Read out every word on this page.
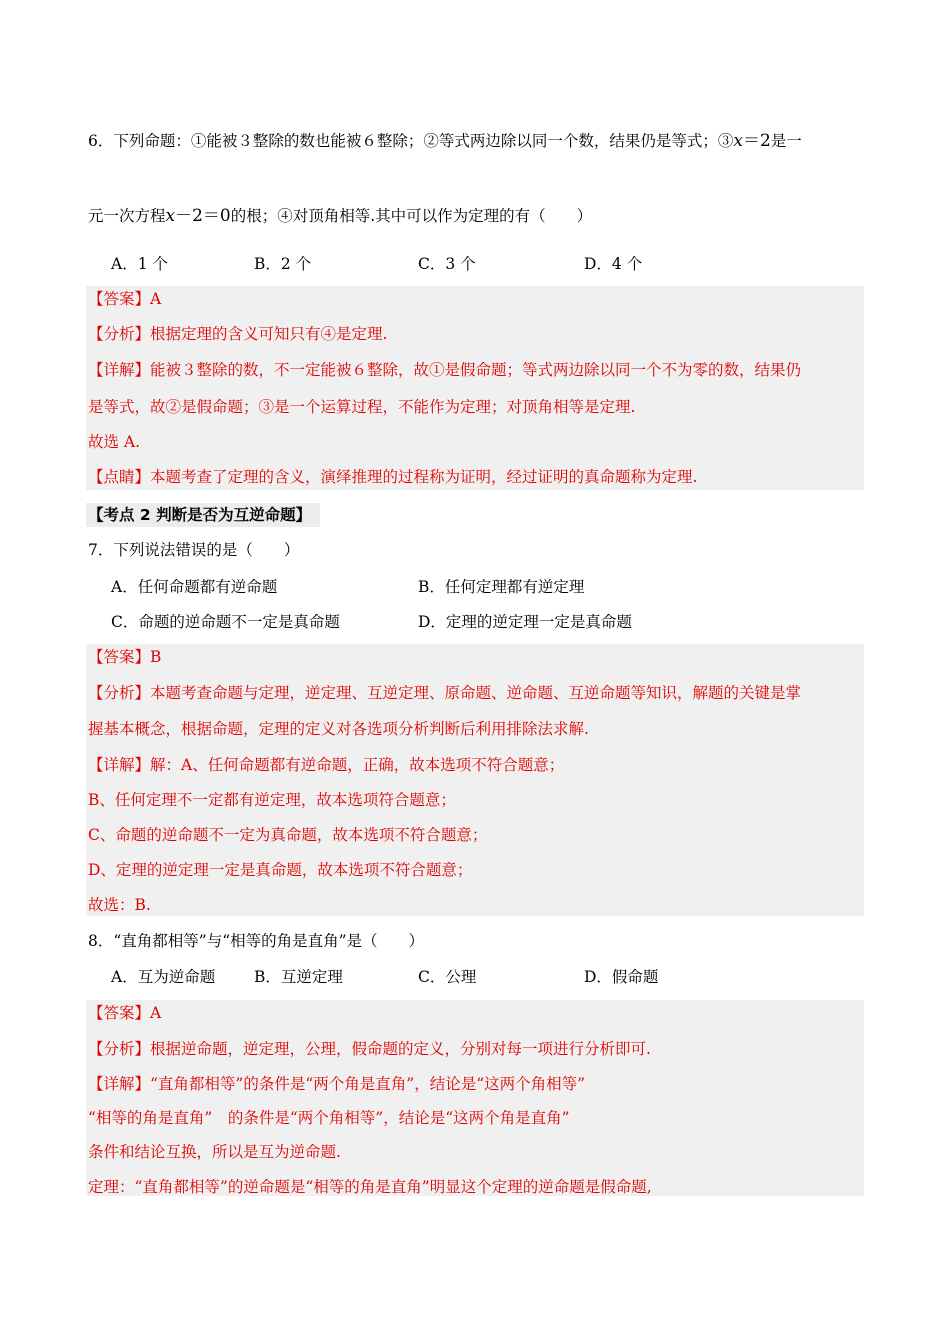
6．下列命题：①能被３整除的数也能被６整除；②等式两边除以同一个数，结果仍是等式；③x＝2是一
元一次方程x－2＝0的根；④对顶角相等.其中可以作为定理的有（　　）
A．1 个	B．2 个	C．3 个	D．4 个
【答案】A
【分析】根据定理的含义可知只有④是定理.
【详解】能被３整除的数，不一定能被６整除，故①是假命题；等式两边除以同一个不为零的数，结果仍
是等式，故②是假命题；③是一个运算过程，不能作为定理；对顶角相等是定理.
故选 A.
【点睛】本题考查了定理的含义，演绎推理的过程称为证明，经过证明的真命题称为定理.
【考点 2 判断是否为互逆命题】
7．下列说法错误的是（　　）
A．任何命题都有逆命题	B．任何定理都有逆定理
C．命题的逆命题不一定是真命题	D．定理的逆定理一定是真命题
【答案】B
【分析】本题考查命题与定理，逆定理、互逆定理、原命题、逆命题、互逆命题等知识，解题的关键是掌
握基本概念，根据命题，定理的定义对各选项分析判断后利用排除法求解.
【详解】解：A、任何命题都有逆命题，正确，故本选项不符合题意；
B、任何定理不一定都有逆定理，故本选项符合题意；
C、命题的逆命题不一定为真命题，故本选项不符合题意；
D、定理的逆定理一定是真命题，故本选项不符合题意；
故选：B.
8．“直角都相等”与“相等的角是直角”是（　　）
A．互为逆命题	B．互逆定理	C．公理	D．假命题
【答案】A
【分析】根据逆命题，逆定理，公理，假命题的定义，分别对每一项进行分析即可.
【详解】“直角都相等”的条件是“两个角是直角”，结论是“这两个角相等”
“相等的角是直角”　的条件是“两个角相等”，结论是“这两个角是直角”
条件和结论互换，所以是互为逆命题.
定理：“直角都相等”的逆命题是“相等的角是直角”明显这个定理的逆命题是假命题,
